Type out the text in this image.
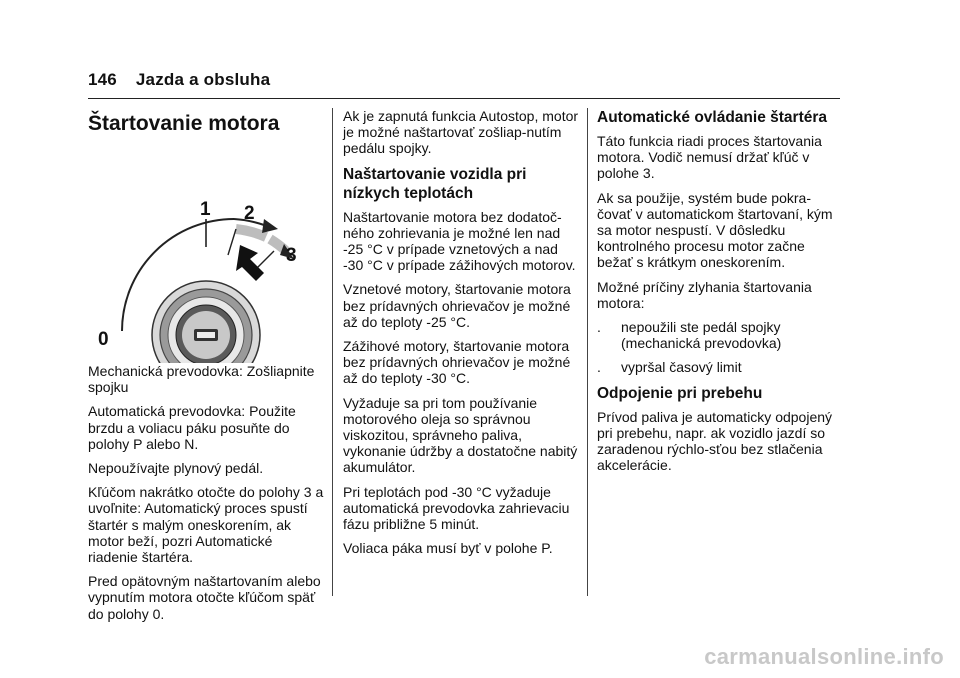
146 Jazda a obsluha
Štartovanie motora
1 2
3
0

Mechanická prevodovka: Zošliapnite spojku

Automatická prevodovka: Použite brzdu a voliacu páku posuňte do polohy P alebo N.

Nepoužívajte plynový pedál.

Kľúčom nakrátko otočte do polohy 3 a uvoľnite: Automatický proces spustí štartér s malým oneskorením, ak motor beží, pozri Automatické riadenie štartéra.

Pred opätovným naštartovaním alebo vypnutím motora otočte kľúčom späť do polohy 0.

Ak je zapnutá funkcia Autostop, motor je možné naštartovať zošliap-nutím pedálu spojky.

Naštartovanie vozidla pri nízkych teplotách

Naštartovanie motora bez dodatoč-ného zohrievania je možné len nad -25 °C v prípade vznetových a nad -30 °C v prípade zážihových motorov.

Vznetové motory, štartovanie motora bez prídavných ohrievačov je možné až do teploty -25 °C.

Zážihové motory, štartovanie motora bez prídavných ohrievačov je možné až do teploty -30 °C.

Vyžaduje sa pri tom používanie motorového oleja so správnou viskozitou, správneho paliva, vykonanie údržby a dostatočne nabitý akumulátor.

Pri teplotách pod -30 °C vyžaduje automatická prevodovka zahrievaciu fázu približne 5 minút.

Voliaca páka musí byť v polohe P.

Automatické ovládanie štartéra

Táto funkcia riadi proces štartovania motora. Vodič nemusí držať kľúč v polohe 3.

Ak sa použije, systém bude pokra-čovať v automatickom štartovaní, kým sa motor nespustí. V dôsledku kontrolného procesu motor začne bežať s krátkym oneskorením.

Možné príčiny zlyhania štartovania motora:

.	nepoužili ste pedál spojky (mechanická prevodovka)
.	vypršal časový limit
Odpojenie pri prebehu

Prívod paliva je automaticky odpojený pri prebehu, napr. ak vozidlo jazdí so zaradenou rýchlo-sťou bez stlačenia akcelerácie.

carmanualsonline.info
